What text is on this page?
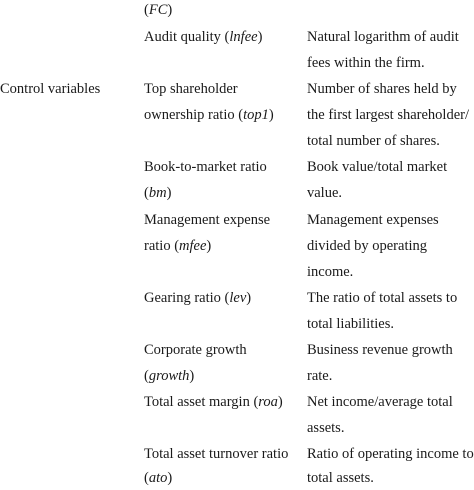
Control variables
(FC)
Audit quality (lnfee)	Natural logarithm of audit
fees within the firm.
Top shareholder
ownership ratio (top1)
Number of shares held by
the first largest shareholder/
total number of shares.
Book-to-market ratio
(bm)
Book value/total market
value.
Management expense
ratio (mfee)
Management expenses
divided by operating
income.
Gearing ratio (lev)	The ratio of total assets to
total liabilities.
Corporate growth
(growth)
Business revenue growth
rate.
Total asset margin (roa) Net income/average total
assets.
Total asset turnover ratio
(ato)
Ratio of operating income to
total assets.
